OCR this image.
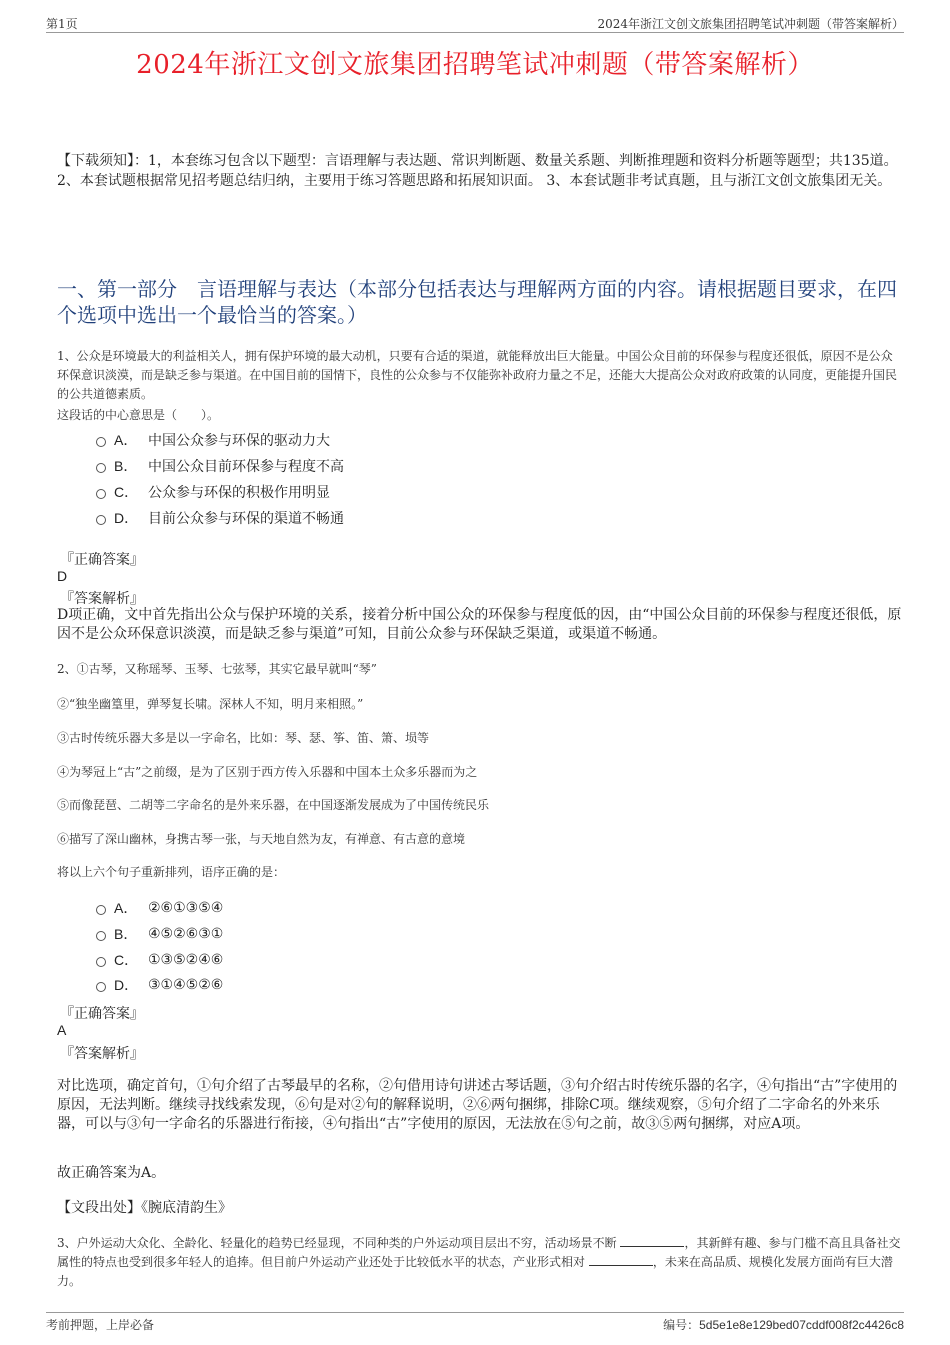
第1页	2024年浙江文创文旅集团招聘笔试冲刺题（带答案解析）
2024年浙江文创文旅集团招聘笔试冲刺题（带答案解析）
【下载须知】：1，本套练习包含以下题型：言语理解与表达题、常识判断题、数量关系题、判断推理题和资料分析题等题型；共135道。 2、本套试题根据常见招考题总结归纳，主要用于练习答题思路和拓展知识面。 3、本套试题非考试真题，且与浙江文创文旅集团无关。
一、第一部分　言语理解与表达（本部分包括表达与理解两方面的内容。请根据题目要求，在四个选项中选出一个最恰当的答案。）
1、公众是环境最大的利益相关人，拥有保护环境的最大动机，只要有合适的渠道，就能释放出巨大能量。中国公众目前的环保参与程度还很低，原因不是公众环保意识淡漠，而是缺乏参与渠道。在中国目前的国情下，良性的公众参与不仅能弥补政府力量之不足，还能大大提高公众对政府政策的认同度，更能提升国民的公共道德素质。
这段话的中心意思是（　　）。
A． 中国公众参与环保的驱动力大
B． 中国公众目前环保参与程度不高
C． 公众参与环保的积极作用明显
D． 目前公众参与环保的渠道不畅通
『正确答案』
D
『答案解析』
D项正确，文中首先指出公众与保护环境的关系，接着分析中国公众的环保参与程度低的因，由“中国公众目前的环保参与程度还很低，原因不是公众环保意识淡漠，而是缺乏参与渠道”可知，目前公众参与环保缺乏渠道，或渠道不畅通。
2、①古琴，又称瑶琴、玉琴、七弦琴，其实它最早就叫“琴”
②“独坐幽篁里，弹琴复长啸。深林人不知，明月来相照。”
③古时传统乐器大多是以一字命名，比如：琴、瑟、筝、笛、箫、埙等
④为琴冠上“古”之前缀，是为了区别于西方传入乐器和中国本土众多乐器而为之
⑤而像琵琶、二胡等二字命名的是外来乐器，在中国逐渐发展成为了中国传统民乐
⑥描写了深山幽林，身携古琴一张，与天地自然为友，有禅意、有古意的意境
将以上六个句子重新排列，语序正确的是：
A． ②⑥①③⑤④
B． ④⑤②⑥③①
C． ①③⑤②④⑥
D． ③①④⑤②⑥
『正确答案』
A
『答案解析』
对比选项，确定首句，①句介绍了古琴最早的名称，②句借用诗句讲述古琴话题，③句介绍古时传统乐器的名字，④句指出“古”字使用的原因，无法判断。继续寻找线索发现，⑥句是对②句的解释说明，②⑥两句捆绑，排除C项。继续观察，⑤句介绍了二字命名的外来乐器，可以与③句一字命名的乐器进行衔接，④句指出“古”字使用的原因，无法放在⑤句之前，故③⑤两句捆绑，对应A项。
故正确答案为A。
【文段出处】《腕底清韵生》
3、户外运动大众化、全龄化、轻量化的趋势已经显现，不同种类的户外运动项目层出不穷，活动场景不断	，其新鲜有趣、参与门槛不高且具备社交属性的特点也受到很多年轻人的追捧。但目前户外运动产业还处于比较低水平的状态，产业形式相对	，未来在高品质、规模化发展方面尚有巨大潜力。
考前押题，上岸必备	编号：5d5e1e8e129bed07cddf008f2c4426c8
